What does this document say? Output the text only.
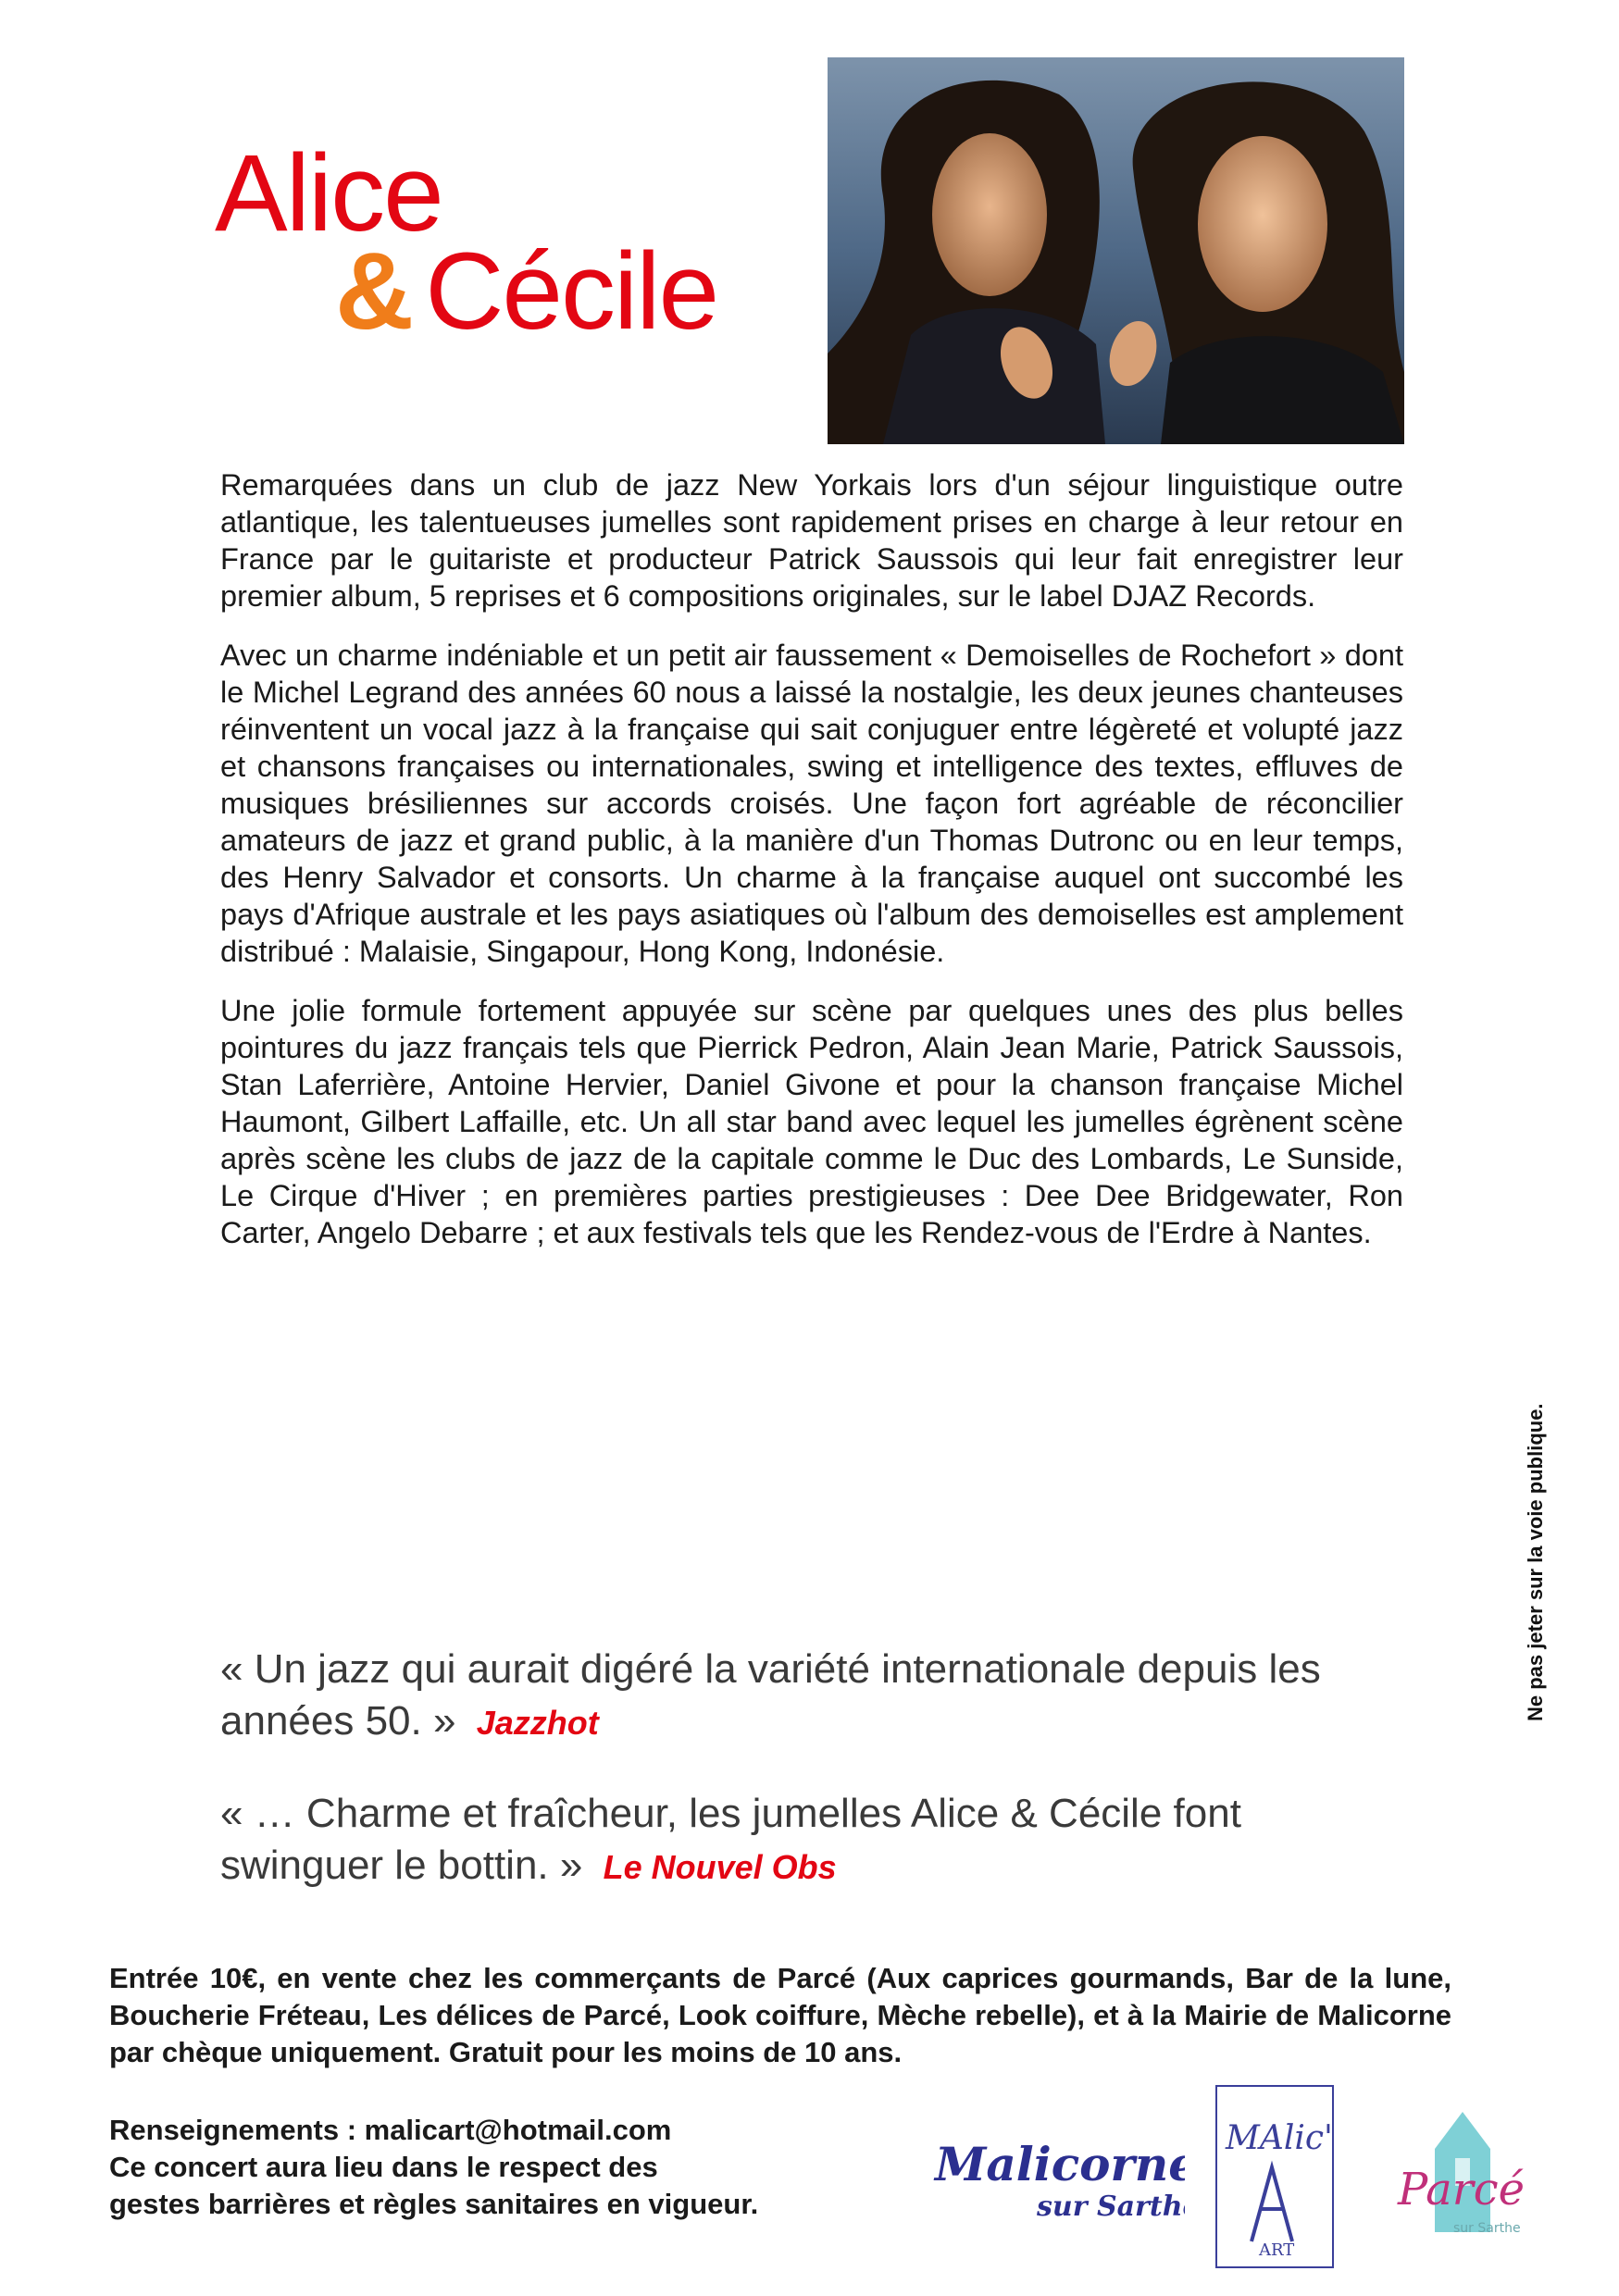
Alice
& Cécile

Remarquées dans un club de jazz New Yorkais lors d'un séjour linguistique outre atlantique, les talentueuses jumelles sont rapidement prises en charge à leur retour en France par le guitariste et producteur Patrick Saussois qui leur fait enregistrer leur premier album, 5 reprises et 6 compositions originales, sur le label DJAZ Records.

Avec un charme indéniable et un petit air faussement « Demoiselles de Rochefort » dont le Michel Legrand des années 60 nous a laissé la nostalgie, les deux jeunes chanteuses réinventent un vocal jazz à la française qui sait conjuguer entre légèreté et volupté jazz et chansons françaises ou internationales, swing et intelligence des textes, effluves de musiques brésiliennes sur accords croisés. Une façon fort agréable de réconcilier amateurs de jazz et grand public, à la manière d'un Thomas Dutronc ou en leur temps, des Henry Salvador et consorts. Un charme à la française auquel ont succombé les pays d'Afrique australe et les pays asiatiques où l'album des demoiselles est amplement distribué : Malaisie, Singapour, Hong Kong, Indonésie.

Une jolie formule fortement appuyée sur scène par quelques unes des plus belles pointures du jazz français tels que Pierrick Pedron, Alain Jean Marie, Patrick Saussois, Stan Laferrière, Antoine Hervier, Daniel Givone et pour la chanson française Michel Haumont, Gilbert Laffaille, etc. Un all star band avec lequel les jumelles égrènent scène après scène les clubs de jazz de la capitale comme le Duc des Lombards, Le Sunside, Le Cirque d'Hiver ; en premières parties prestigieuses : Dee Dee Bridgewater, Ron Carter, Angelo Debarre ; et aux festivals tels que les Rendez-vous de l'Erdre à Nantes.

« Un jazz qui aurait digéré la variété internationale depuis les années 50. » Jazzhot
« … Charme et fraîcheur, les jumelles Alice & Cécile font swinguer le bottin. » Le Nouvel Obs
Ne pas jeter sur la voie publique.
Entrée 10€, en vente chez les commerçants de Parcé (Aux caprices gourmands, Bar de la lune, Boucherie Fréteau, Les délices de Parcé, Look coiffure, Mèche rebelle), et à la Mairie de Malicorne par chèque uniquement. Gratuit pour les moins de 10 ans.
Renseignements : malicart@hotmail.com
Ce concert aura lieu dans le respect des
gestes barrières et règles sanitaires en vigueur.
Malicorne
sur Sarthe
MAlic'
ART
Parcé
sur Sarthe
